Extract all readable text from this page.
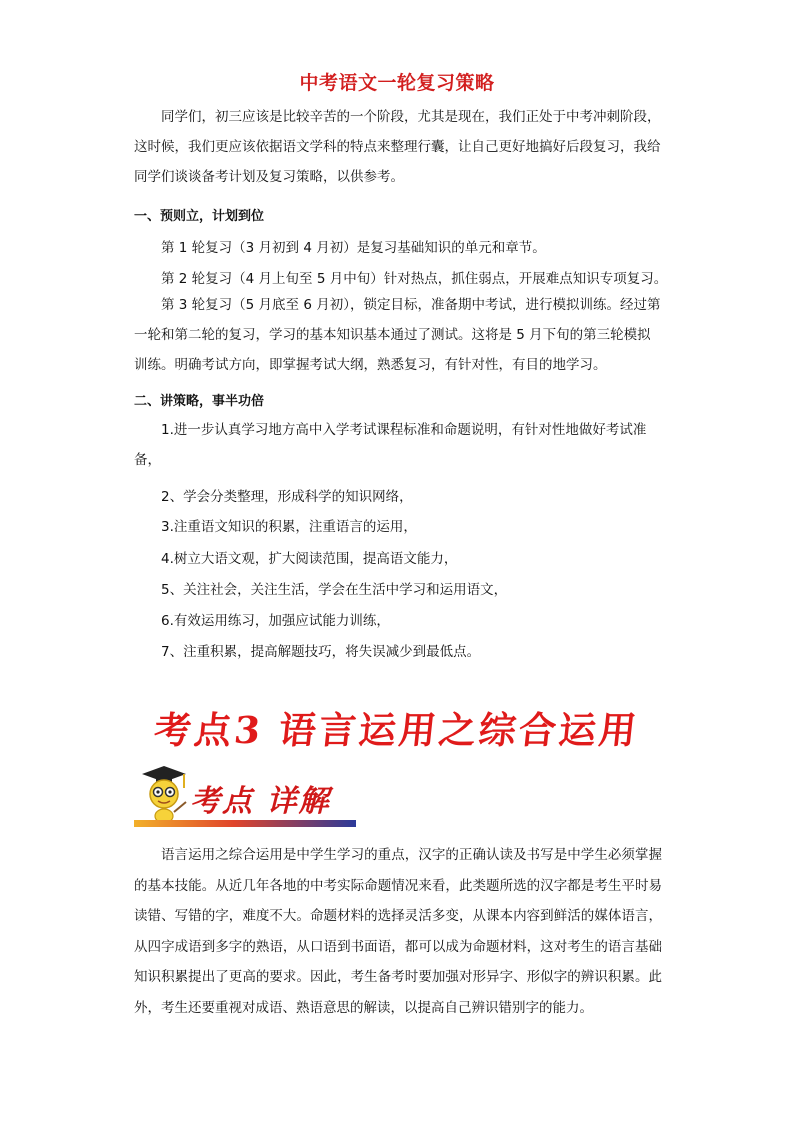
中考语文一轮复习策略
同学们，初三应该是比较辛苦的一个阶段，尤其是现在，我们正处于中考冲刺阶段，这时候，我们更应该依据语文学科的特点来整理行囊，让自己更好地搞好后段复习，我给同学们谈谈备考计划及复习策略，以供参考。
一、预则立，计划到位
第 1 轮复习（3 月初到 4 月初）是复习基础知识的单元和章节。
第 2 轮复习（4 月上旬至 5 月中旬）针对热点，抓住弱点，开展难点知识专项复习。
第 3 轮复习（5 月底至 6 月初），锁定目标，准备期中考试，进行模拟训练。经过第一轮和第二轮的复习，学习的基本知识基本通过了测试。这将是 5 月下旬的第三轮模拟训练。明确考试方向，即掌握考试大纲，熟悉复习，有针对性，有目的地学习。
二、讲策略，事半功倍
1.进一步认真学习地方高中入学考试课程标准和命题说明，有针对性地做好考试准备，
2、学会分类整理，形成科学的知识网络，
3.注重语文知识的积累，注重语言的运用，
4.树立大语文观，扩大阅读范围，提高语文能力，
5、关注社会，关注生活，学会在生活中学习和运用语文，
6.有效运用练习，加强应试能力训练，
7、注重积累，提高解题技巧，将失误减少到最低点。
考点3 语言运用之综合运用
考点 详解
语言运用之综合运用是中学生学习的重点，汉字的正确认读及书写是中学生必须掌握的基本技能。从近几年各地的中考实际命题情况来看，此类题所选的汉字都是考生平时易读错、写错的字，难度不大。命题材料的选择灵活多变，从课本内容到鲜活的媒体语言，从四字成语到多字的熟语，从口语到书面语，都可以成为命题材料，这对考生的语言基础知识积累提出了更高的要求。因此，考生备考时要加强对形异字、形似字的辨识积累。此外，考生还要重视对成语、熟语意思的解读，以提高自己辨识错别字的能力。
